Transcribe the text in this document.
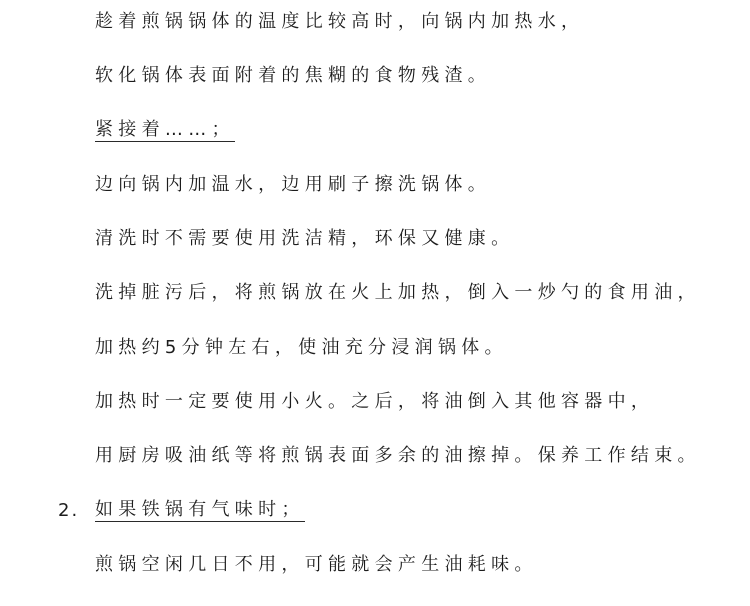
趁着煎锅锅体的温度比较高时，向锅内加热水，
软化锅体表面附着的焦糊的食物残渣。
紧接着……；
边向锅内加温水，边用刷子擦洗锅体。
清洗时不需要使用洗洁精，环保又健康。
洗掉脏污后，将煎锅放在火上加热，倒入一炒勺的食用油，
加热约5分钟左右，使油充分浸润锅体。
加热时一定要使用小火。之后，将油倒入其他容器中，
用厨房吸油纸等将煎锅表面多余的油擦掉。保养工作结束。
2. 如果铁锅有气味时；
煎锅空闲几日不用，可能就会产生油耗味。
